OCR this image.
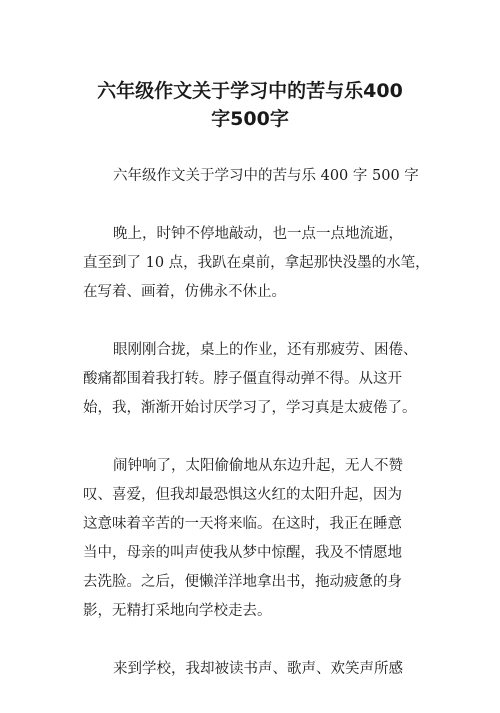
六年级作文关于学习中的苦与乐400
字500字

六年级作文关于学习中的苦与乐 400 字 500 字

晚上，时钟不停地敲动，也一点一点地流逝，
直至到了 10 点，我趴在桌前，拿起那快没墨的水笔，
在写着、画着，仿佛永不休止。

眼刚刚合拢，桌上的作业，还有那疲劳、困倦、
酸痛都围着我打转。脖子僵直得动弹不得。从这开
始，我，渐渐开始讨厌学习了，学习真是太疲倦了。

闹钟响了，太阳偷偷地从东边升起，无人不赞
叹、喜爱，但我却最恐惧这火红的太阳升起，因为
这意味着辛苦的一天将来临。在这时，我正在睡意
当中，母亲的叫声使我从梦中惊醒，我及不情愿地
去洗脸。之后，便懒洋洋地拿出书，拖动疲惫的身
影，无精打采地向学校走去。

来到学校，我却被读书声、歌声、欢笑声所感
